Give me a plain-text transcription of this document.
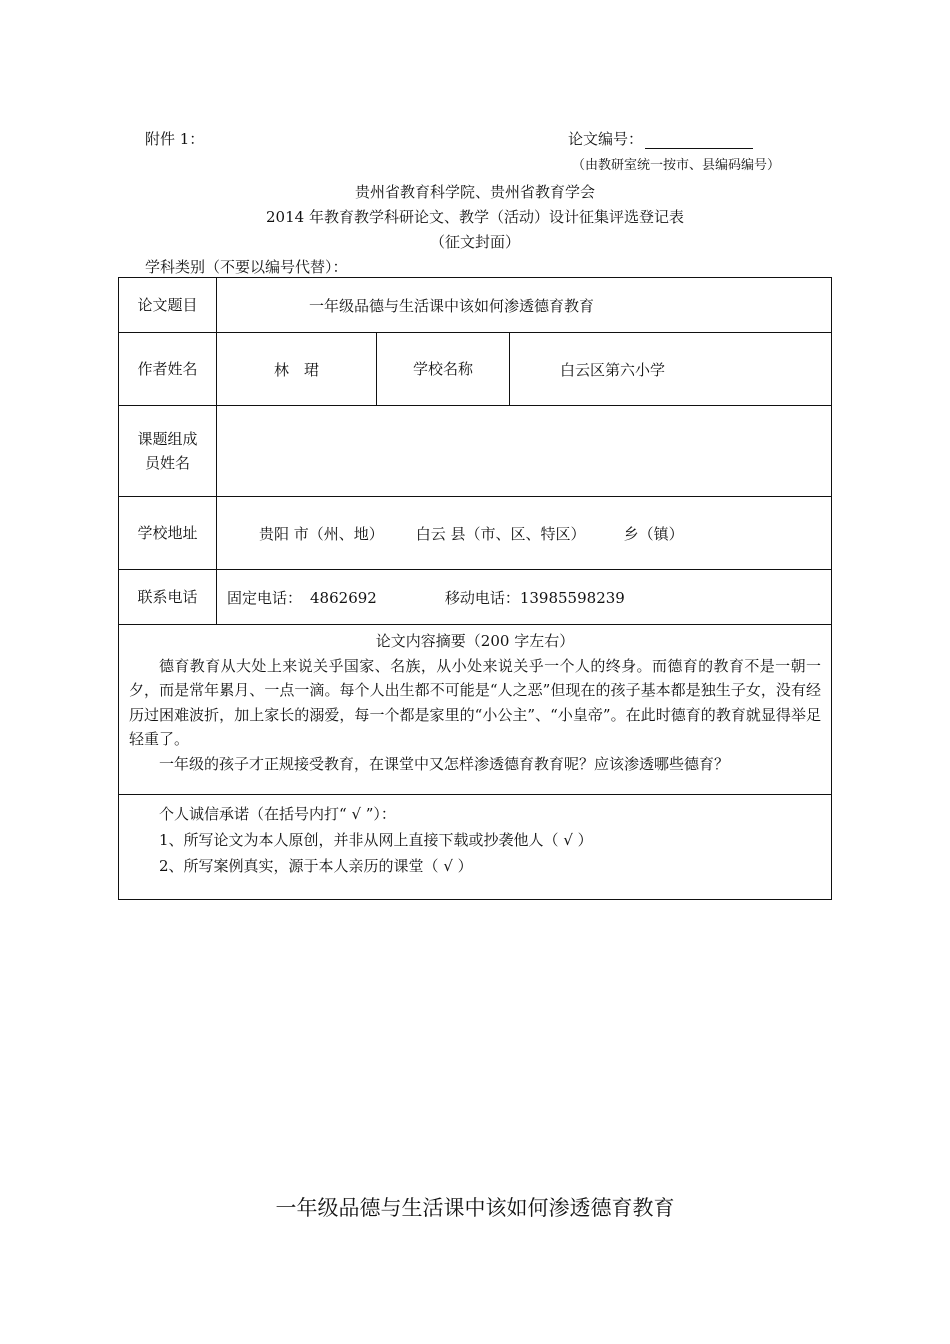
附件 1：	论文编号：
（由教研室统一按市、县编码编号）
贵州省教育科学院、贵州省教育学会
2014 年教育教学科研论文、教学（活动）设计征集评选登记表
（征文封面）
学科类别（不要以编号代替）：
论文题目	一年级品德与生活课中该如何渗透德育教育		
作者姓名	林　珺	学校名称	白云区第六小学

课题组成
员姓名			

学校地址	贵阳 市（州、地） 白云 县（市、区、特区） 乡（镇）		
联系电话	固定电话： 4862692 移动电话：13985598239		

论文内容摘要（200 字左右）

德育教育从大处上来说关乎国家、名族，从小处来说关乎一个人的终身。而德育的教育不是一朝一夕，而是常年累月、一点一滴。每个人出生都不可能是“人之恶”但现在的孩子基本都是独生子女，没有经历过困难波折，加上家长的溺爱，每一个都是家里的“小公主”、“小皇帝”。在此时德育的教育就显得举足轻重了。

一年级的孩子才正规接受教育，在课堂中又怎样渗透德育教育呢？应该渗透哪些德育？			

个人诚信承诺（在括号内打“ √ ”）：
1、所写论文为本人原创，并非从网上直接下载或抄袭他人（ √ ）
2、所写案例真实，源于本人亲历的课堂（ √ ）			
一年级品德与生活课中该如何渗透德育教育
